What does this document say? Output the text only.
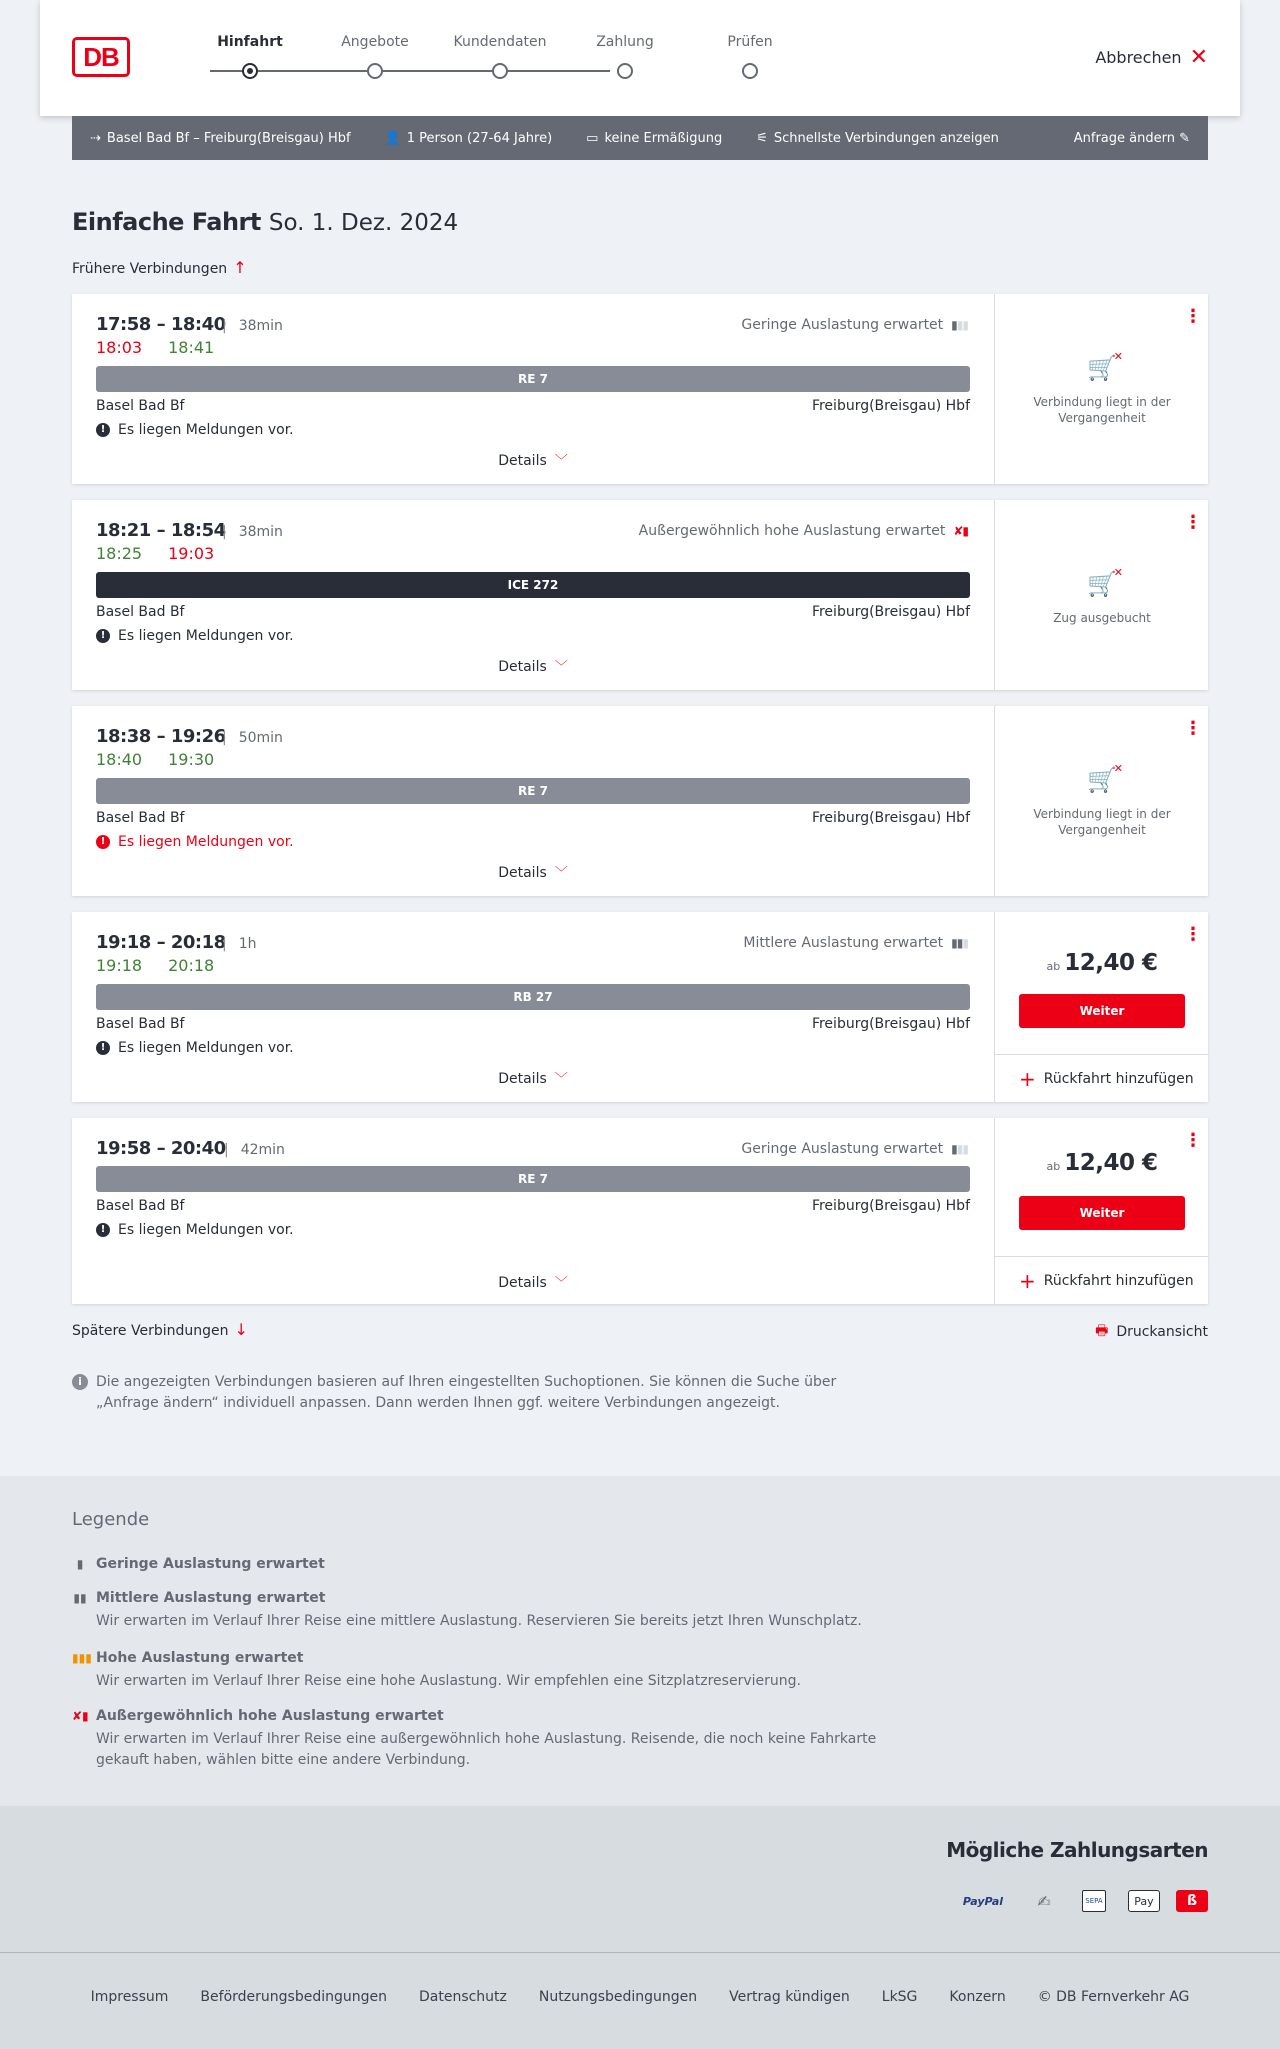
DB	Hinfahrt	Angebote	Kundendaten	Zahlung	Prüfen
Abbrechen ✕
⇢ Basel Bad Bf – Freiburg(Breisgau) Hbf	👤 1 Person (27-64 Jahre)	▭ keine Ermäßigung	⚟ Schnellste Verbindungen anzeigen	Anfrage ändern ✎
Einfache Fahrt So. 1. Dez. 2024
Frühere Verbindungen ↑
17:58 – 18:40 | 38min
18:03 18:41
Geringe Auslastung erwartet ▮▮▮
RE 7
Basel Bad Bf	Freiburg(Breisgau) Hbf
! Es liegen Meldungen vor.
Details ﹀
⋮
🛒
✕
Verbindung liegt in der Vergangenheit
18:21 – 18:54 | 38min
18:25 19:03
Außergewöhnlich hohe Auslastung erwartet ✘▮
ICE 272
Basel Bad Bf	Freiburg(Breisgau) Hbf
! Es liegen Meldungen vor.
Details ﹀
⋮
🛒
✕
Zug ausgebucht
18:38 – 19:26 | 50min
18:40 19:30
RE 7
Basel Bad Bf	Freiburg(Breisgau) Hbf
! Es liegen Meldungen vor.
Details ﹀
⋮
🛒
✕
Verbindung liegt in der Vergangenheit
19:18 – 20:18 | 1h
19:18 20:18
Mittlere Auslastung erwartet ▮▮▮
RB 27
Basel Bad Bf	Freiburg(Breisgau) Hbf
! Es liegen Meldungen vor.
Details ﹀
⋮
ab 12,40 €
Weiter
+ Rückfahrt hinzufügen
19:58 – 20:40	| 42min	Geringe Auslastung erwartet ▮▮▮
RE 7
Basel Bad Bf	Freiburg(Breisgau) Hbf
! Es liegen Meldungen vor.
Details ﹀
⋮
ab 12,40 €
Weiter
+ Rückfahrt hinzufügen
Spätere Verbindungen ↓	🖶 Druckansicht
i	Die angezeigten Verbindungen basieren auf Ihren eingestellten Suchoptionen. Sie können die Suche über „Anfrage ändern“ individuell anpassen. Dann werden Ihnen ggf. weitere Verbindungen angezeigt.
Legende
▮ Geringe Auslastung erwartet
▮▮ Mittlere Auslastung erwartet
Wir erwarten im Verlauf Ihrer Reise eine mittlere Auslastung. Reservieren Sie bereits jetzt Ihren Wunschplatz.
▮▮▮ Hohe Auslastung erwartet
Wir erwarten im Verlauf Ihrer Reise eine hohe Auslastung. Wir empfehlen eine Sitzplatzreservierung.
✘▮ Außergewöhnlich hohe Auslastung erwartet
Wir erwarten im Verlauf Ihrer Reise eine außergewöhnlich hohe Auslastung. Reisende, die noch keine Fahrkarte gekauft haben, wählen bitte eine andere Verbindung.
Mögliche Zahlungsarten
PayPal	✍	SEPA	Pay	ß
Impressum Beförderungsbedingungen Datenschutz Nutzungsbedingungen Vertrag kündigen LkSG Konzern © DB Fernverkehr AG
